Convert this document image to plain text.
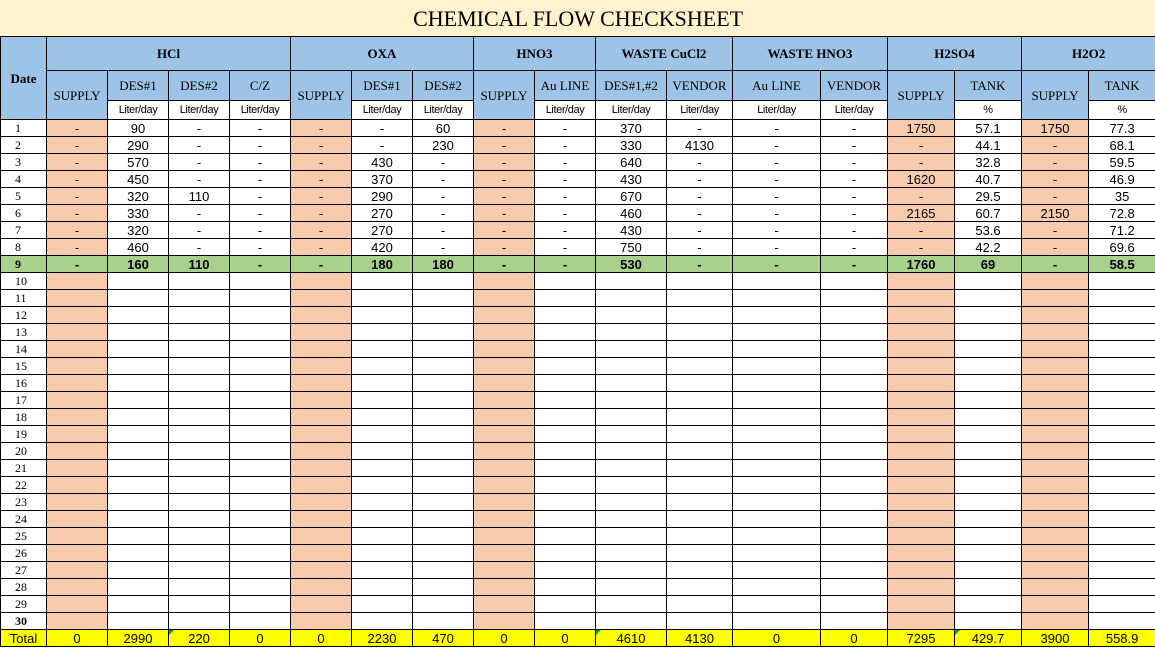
CHEMICAL FLOW CHECKSHEET																	
Date	HCl				OXA			HNO3		WASTE CuCl2		WASTE HNO3		H2SO4		H2O2	
	SUPPLY	DES#1	DES#2	C/Z	SUPPLY	DES#1	DES#2	SUPPLY	Au LINE	DES#1,#2	VENDOR	Au LINE	VENDOR	SUPPLY	TANK	SUPPLY	TANK
		Liter/day	Liter/day	Liter/day		Liter/day	Liter/day		Liter/day	Liter/day	Liter/day	Liter/day	Liter/day		%		%
1	-	90	-	-	-	-	60	-	-	370	-	-	-	1750	57.1	1750	77.3
2	-	290	-	-	-	-	230	-	-	330	4130	-	-	-	44.1	-	68.1
3	-	570	-	-	-	430	-	-	-	640	-	-	-	-	32.8	-	59.5
4	-	450	-	-	-	370	-	-	-	430	-	-	-	1620	40.7	-	46.9
5	-	320	110	-	-	290	-	-	-	670	-	-	-	-	29.5	-	35
6	-	330	-	-	-	270	-	-	-	460	-	-	-	2165	60.7	2150	72.8
7	-	320	-	-	-	270	-	-	-	430	-	-	-	-	53.6	-	71.2
8	-	460	-	-	-	420	-	-	-	750	-	-	-	-	42.2	-	69.6
9	-	160	110	-	-	180	180	-	-	530	-	-	-	1760	69	-	58.5
10																	
11																	
12																	
13																	
14																	
15																	
16																	
17																	
18																	
19																	
20																	
21																	
22																	
23																	
24																	
25																	
26																	
27																	
28																	
29																	
30																	
Total	0	2990	220	0	0	2230	470	0	0	4610	4130	0	0	7295	429.7	3900	558.9
